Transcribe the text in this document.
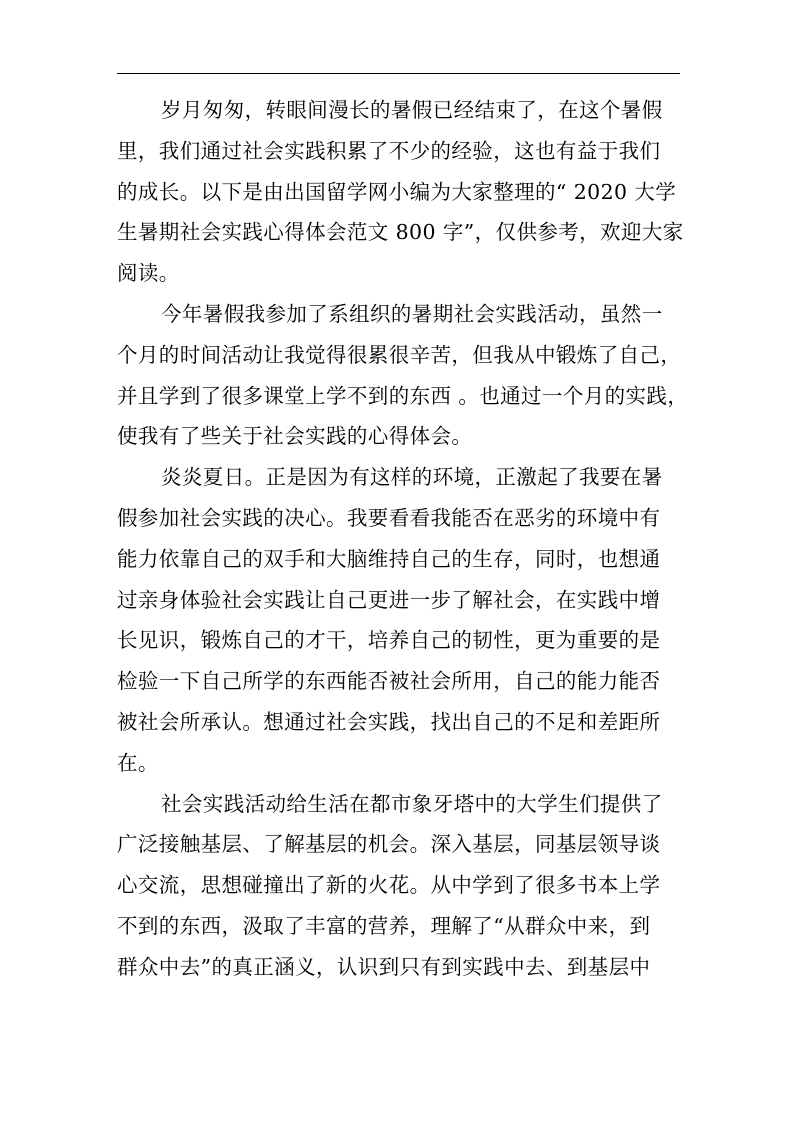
岁月匆匆，转眼间漫长的暑假已经结束了，在这个暑假
里，我们通过社会实践积累了不少的经验，这也有益于我们
的成长。以下是由出国留学网小编为大家整理的“ 2020 大学
生暑期社会实践心得体会范文 800 字”，仅供参考，欢迎大家
阅读。
今年暑假我参加了系组织的暑期社会实践活动，虽然一
个月的时间活动让我觉得很累很辛苦，但我从中锻炼了自己，
并且学到了很多课堂上学不到的东西 。也通过一个月的实践，
使我有了些关于社会实践的心得体会。
炎炎夏日。正是因为有这样的环境，正激起了我要在暑
假参加社会实践的决心。我要看看我能否在恶劣的环境中有
能力依靠自己的双手和大脑维持自己的生存，同时，也想通
过亲身体验社会实践让自己更进一步了解社会，在实践中增
长见识，锻炼自己的才干，培养自己的韧性，更为重要的是
检验一下自己所学的东西能否被社会所用，自己的能力能否
被社会所承认。想通过社会实践，找出自己的不足和差距所
在。
社会实践活动给生活在都市象牙塔中的大学生们提供了
广泛接触基层、了解基层的机会。深入基层，同基层领导谈
心交流，思想碰撞出了新的火花。从中学到了很多书本上学
不到的东西，汲取了丰富的营养，理解了“从群众中来，到
群众中去”的真正涵义，认识到只有到实践中去、到基层中
